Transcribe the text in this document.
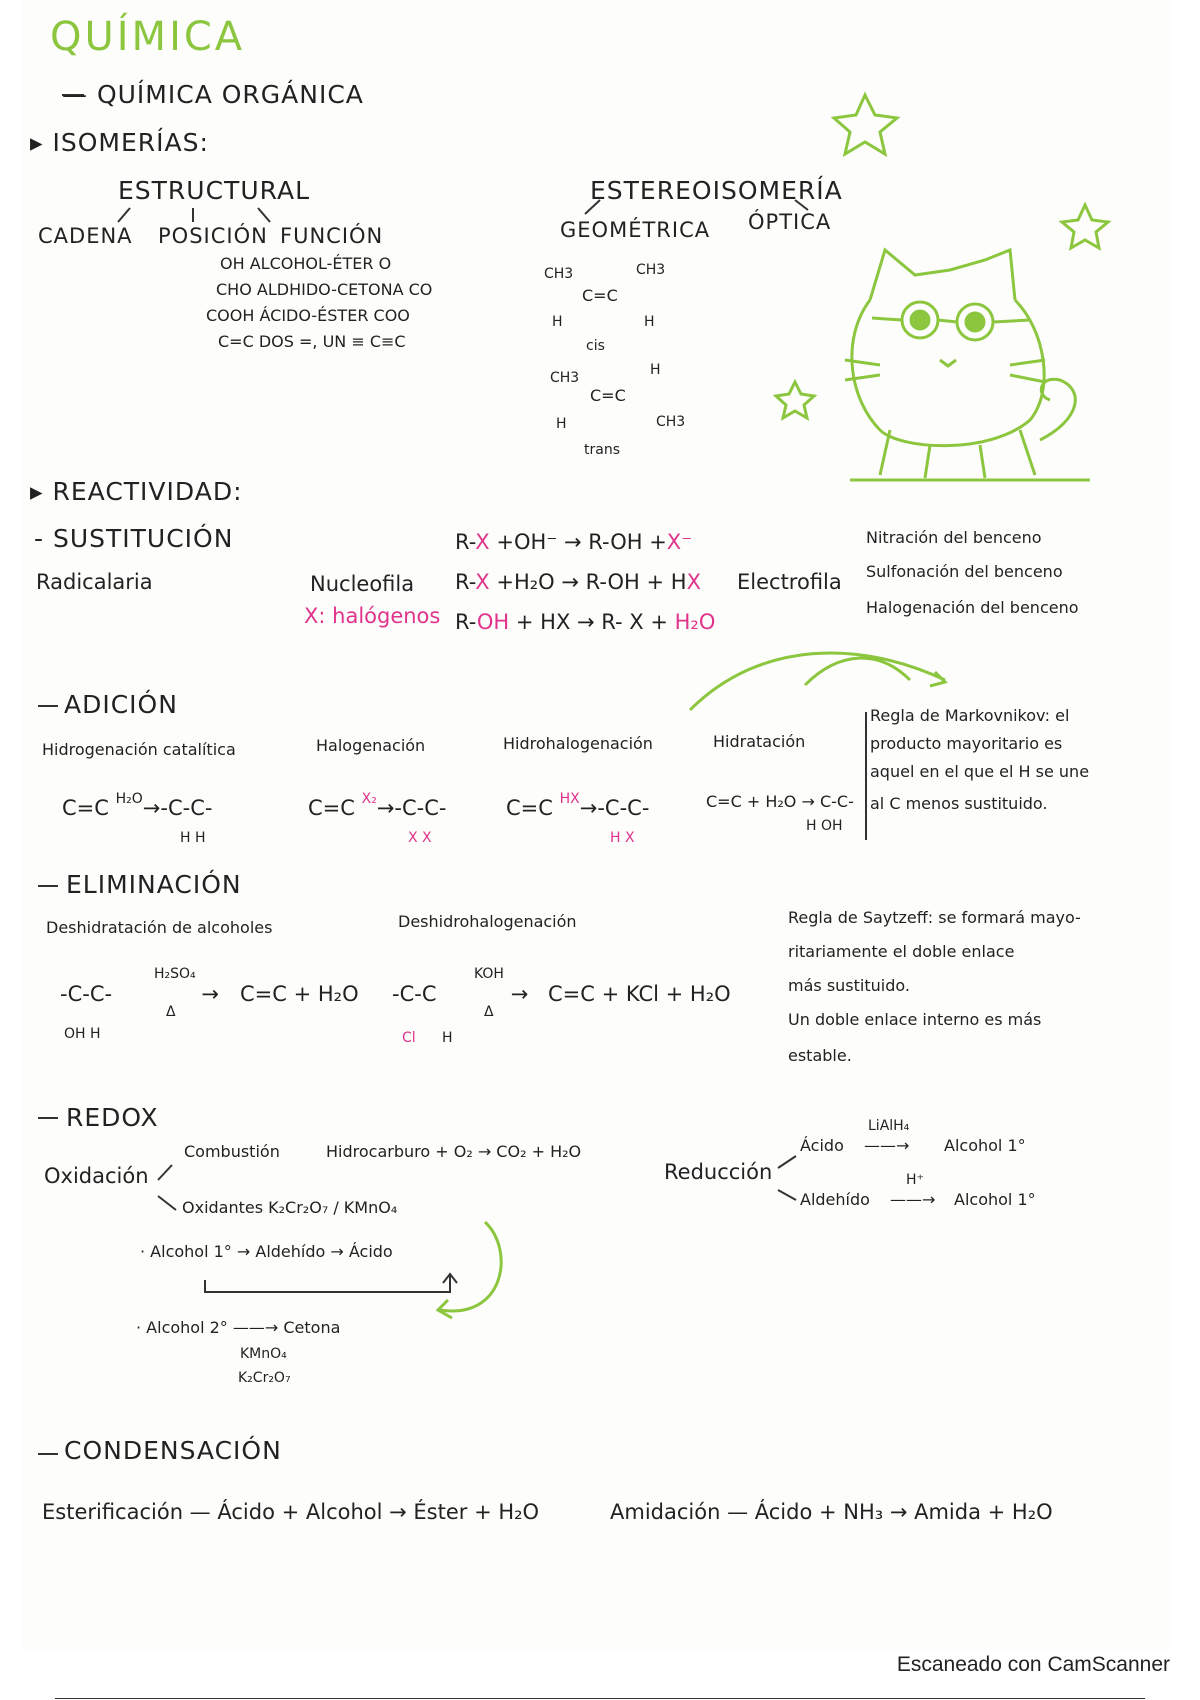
QUÍMICA
— QUÍMICA ORGÁNICA
▸ ISOMERÍAS:
ESTRUCTURAL
CADENA POSICIÓN FUNCIÓN
OH ALCOHOL-ÉTER O
CHO ALDHIDO-CETONA CO
COOH ÁCIDO-ÉSTER COO
C=C DOS =, UN ≡ C≡C
ESTEREOISOMERÍA
GEOMÉTRICA ÓPTICA
CH3	CH3
C=C
H	H
cis
CH3	H
C=C
H	CH3
trans
▸ REACTIVIDAD:
- SUSTITUCIÓN
Radicalaria	Nucleofila
X: halógenos
R-X +OH⁻ → R-OH +X⁻
R-X +H₂O → R-OH + HX
R-OH + HX → R- X + H₂O
Electrofila
Nitración del benceno
Sulfonación del benceno
Halogenación del benceno
ADICIÓN
Hidrogenación catalítica	Halogenación	Hidrohalogenación	Hidratación
C=C $^{H_2O}$→-C-C-
H H
C=C $^{X_2}$→-C-C-
X X
C=C $^{HX}$→-C-C-
H X
C=C + H₂O → C-C-
H OH
Regla de Markovnikov: el
producto mayoritario es
aquel en el que el H se une
al C menos sustituido.
ELIMINACIÓN
Deshidratación de alcoholes	Deshidrohalogenación
-C-C-
H₂SO₄
→
Δ
C=C + H₂O
OH H
-C-C
KOH
→
Δ
C=C + KCl + H₂O
Cl H
Regla de Saytzeff: se formará mayo-
ritariamente el doble enlace
más sustituido.
Un doble enlace interno es más
estable.
REDOX
Oxidación
Combustión	Hidrocarburo + O₂ → CO₂ + H₂O
Oxidantes K₂Cr₂O₇ / KMnO₄
· Alcohol 1° → Aldehído → Ácido
· Alcohol 2° ——→ Cetona
KMnO₄
K₂Cr₂O₇
Reducción
Ácido
LiAlH₄
——→ Alcohol 1°
Aldehído
H⁺
——→ Alcohol 1°
CONDENSACIÓN
Esterificación — Ácido + Alcohol → Éster + H₂O	Amidación — Ácido + NH₃ → Amida + H₂O
Escaneado con CamScanner
